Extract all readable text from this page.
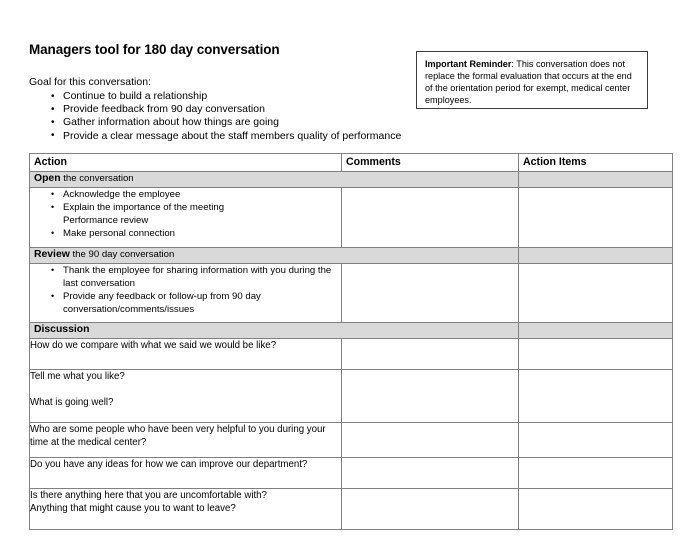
Managers tool for 180 day conversation

Goal for this conversation:

• Continue to build a relationship
• Provide feedback from 90 day conversation
• Gather information about how things are going
• Provide a clear message about the staff members quality of performance

Important Reminder: This conversation does not replace the formal evaluation that occurs at the end of the orientation period for exempt, medical center employees.

Action	Comments	Action Items
Open the conversation		

• Acknowledge the employee
• Explain the importance of the meeting
Performance review
• Make personal connection

Review the 90 day conversation		

• Thank the employee for sharing information with you during the last conversation
• Provide any feedback or follow-up from 90 day conversation/comments/issues

Discussion		

How do we compare with what we said we would be like?		

Tell me what you like?
What is going well?		

Who are some people who have been very helpful to you during your time at the medical center?		

Do you have any ideas for how we can improve our department?		

Is there anything here that you are uncomfortable with?
Anything that might cause you to want to leave?		
